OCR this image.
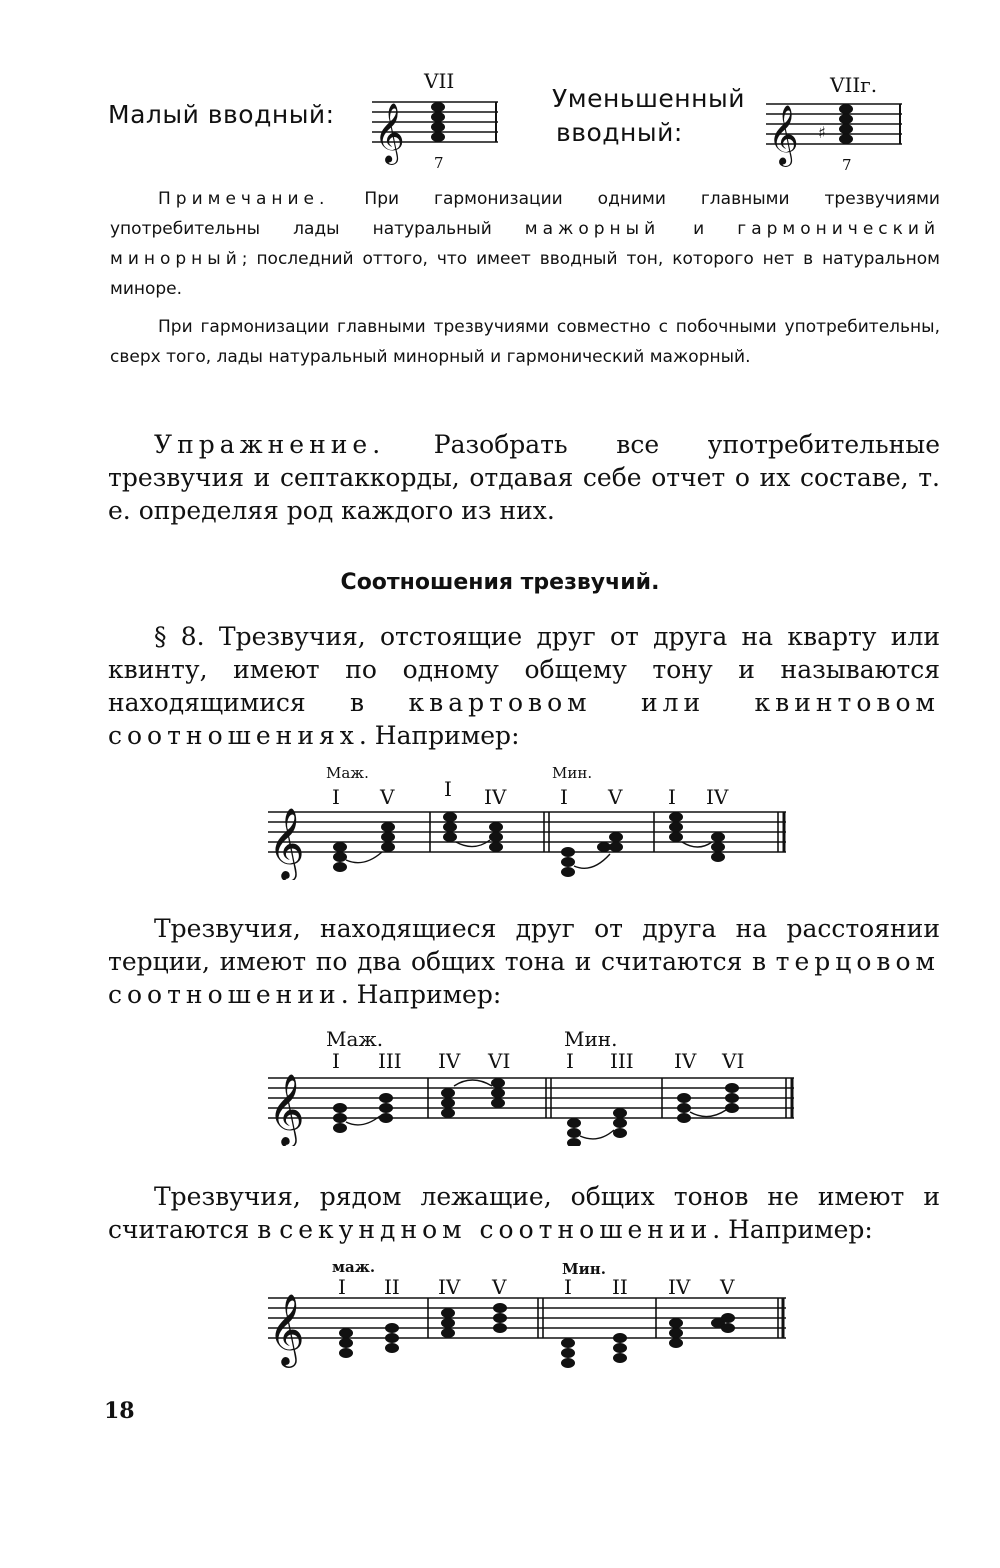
Малый вводный:
VII
𝄞 7
Уменьшенный
вводный:
VIIг.
𝄞 ♯
7
Примечание. При гармонизации одними главными трезвучиями употребительны лады натуральный мажорный и гармонический минорный; последний оттого, что имеет вводный тон, которого нет в натуральном миноре.
При гармонизации главными трезвучиями совместно с побочными употребительны, сверх того, лады натуральный минорный и гармонический мажорный.
Упражнение. Разобрать все употребительные трезвучия и септаккорды, отдавая себе отчет о их составе, т. е. определяя род каждого из них.
Соотношения трезвучий.
§ 8. Трезвучия, отстоящие друг от друга на кварту или квинту, имеют по одному общему тону и называются находящимися в квартовом или квинтовом соотношениях. Например:
Маж.	Мин.
I V I IV	I V I IV
𝄞
Трезвучия, находящиеся друг от друга на расстоянии терции, имеют по два общих тона и считаются в терцовом соотношении. Например:
Маж.	Мин.
I III IV VI	I III IV VI
𝄞
Трезвучия, рядом лежащие, общих тонов не имеют и считаются в секундном соотношении. Например:
маж.	Мин.
I II IV V	I II IV V
𝄞
18
